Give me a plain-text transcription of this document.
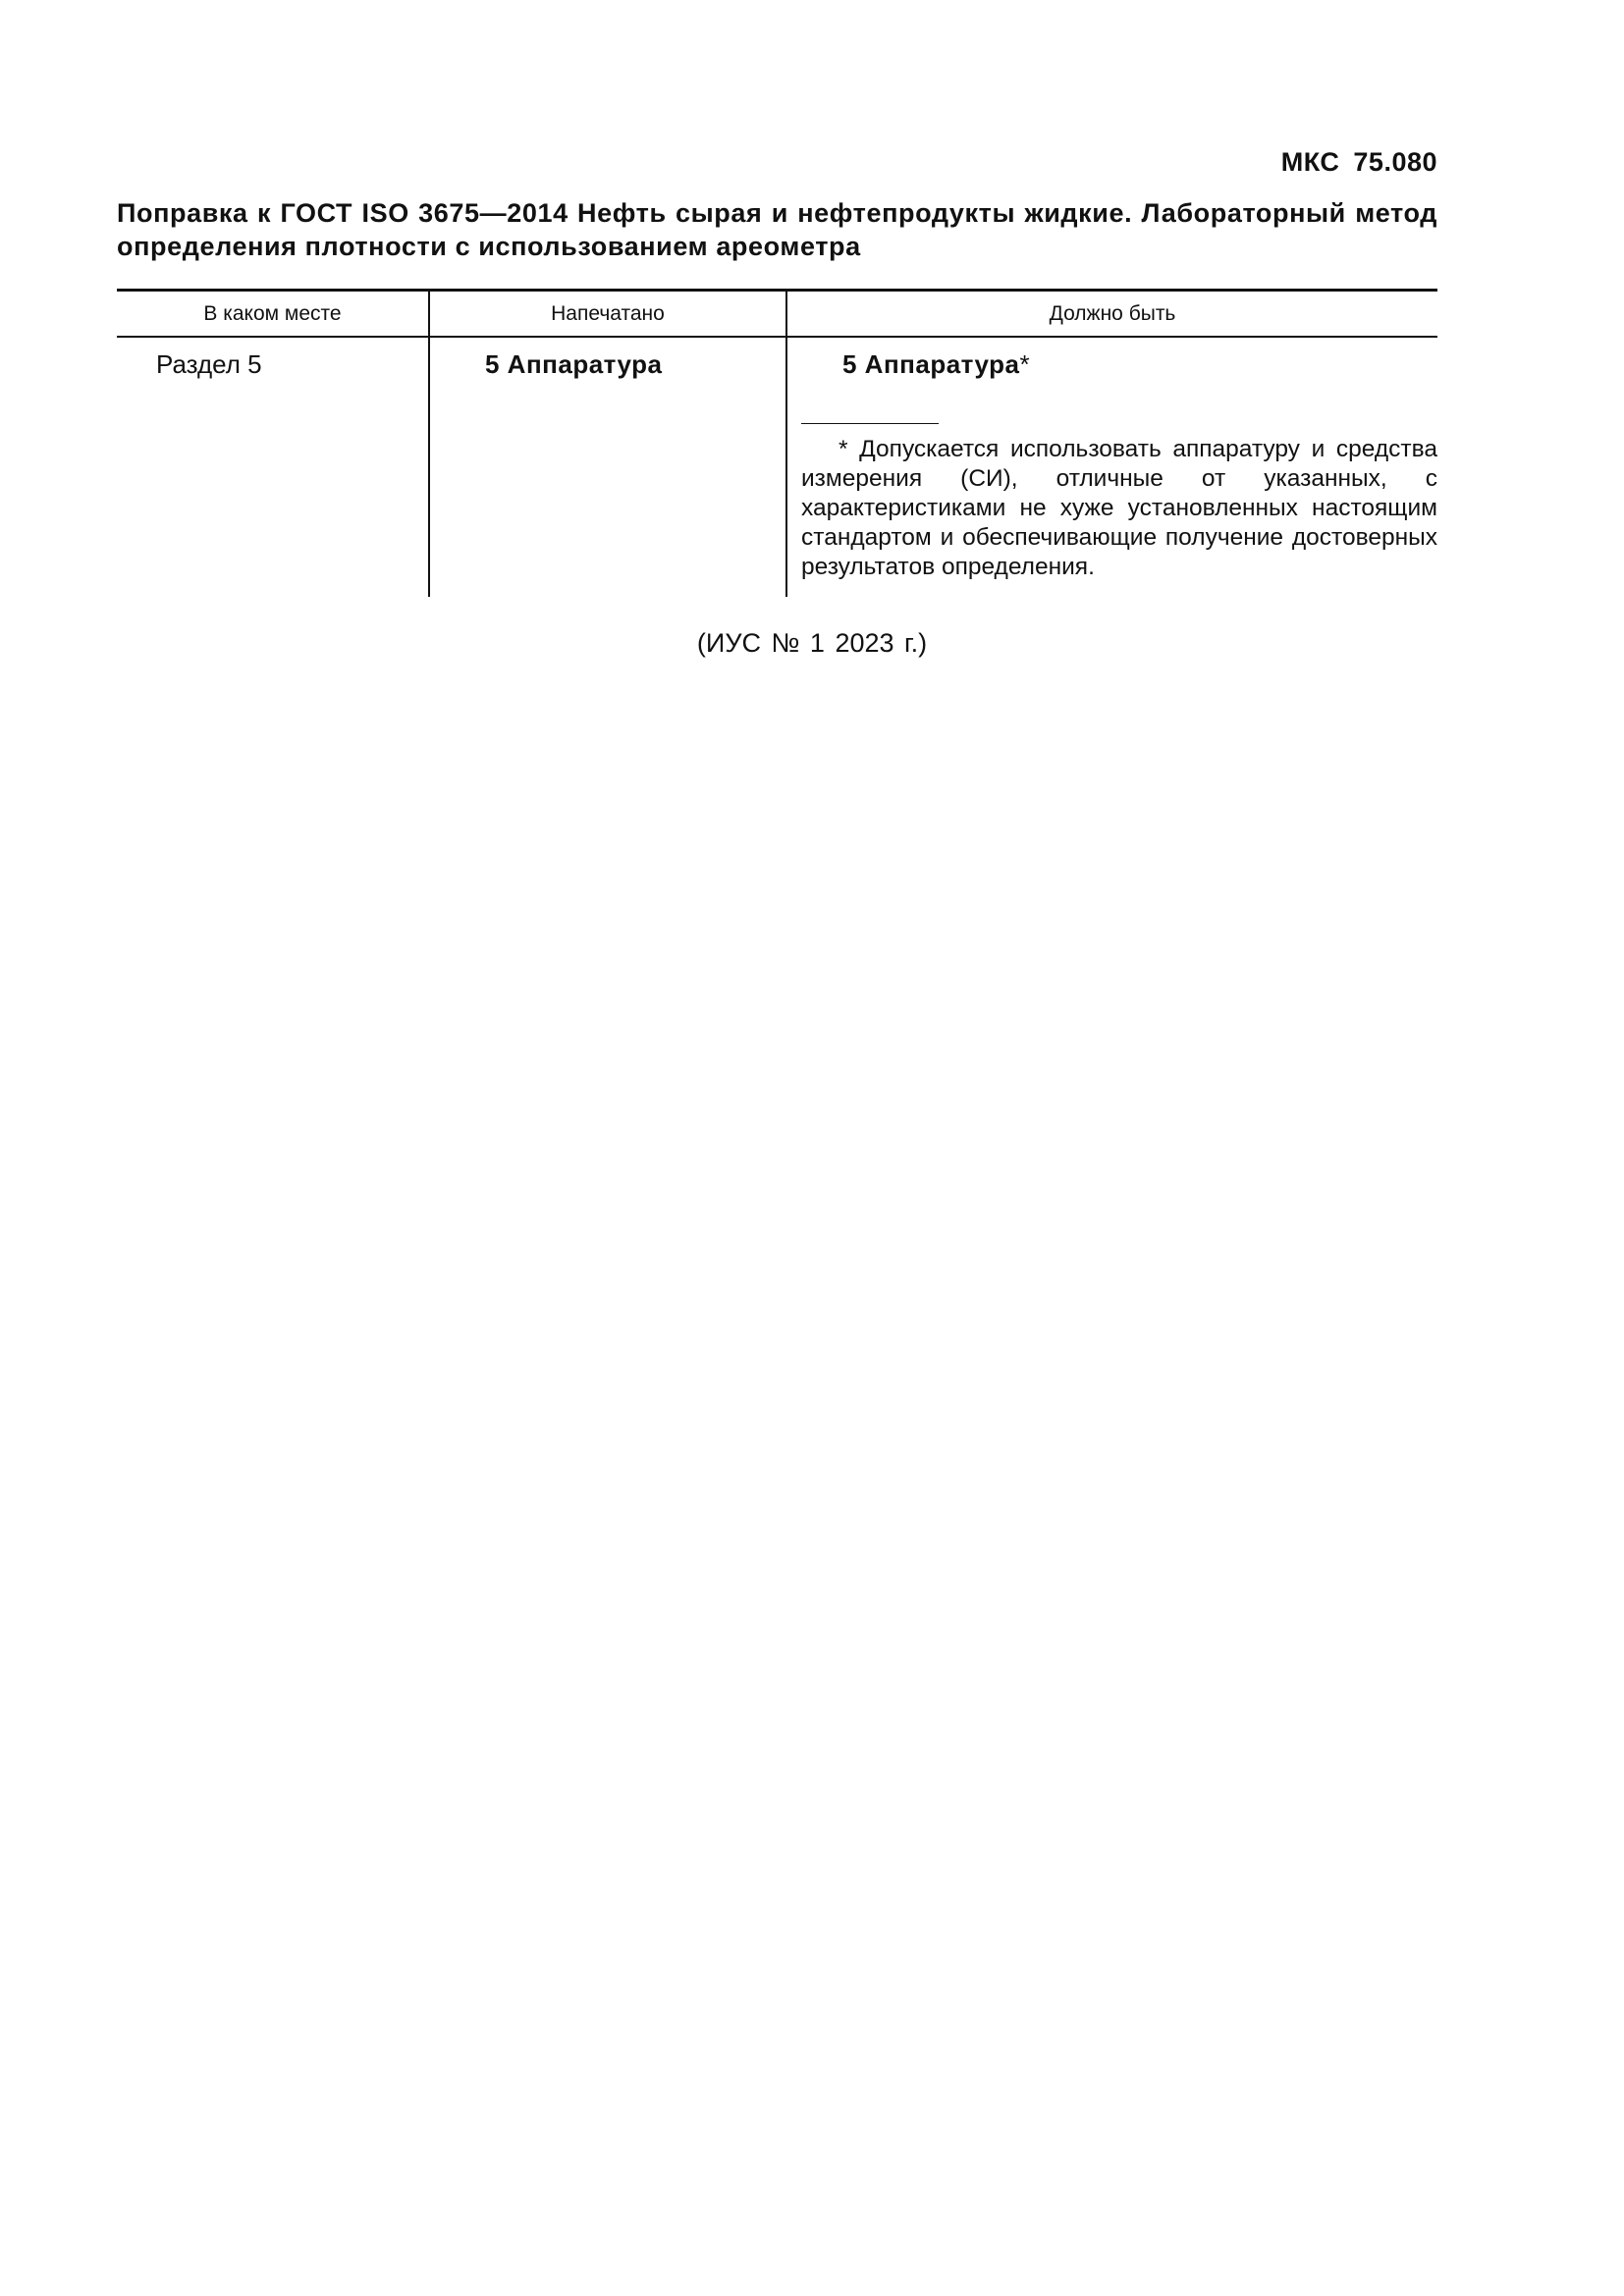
МКС 75.080
Поправка к ГОСТ ISO 3675—2014 Нефть сырая и нефтепродукты жидкие. Лабораторный метод определения плотности с использованием ареометра
В каком месте	Напечатано	Должно быть

Раздел 5	5 Аппаратура	5 Аппаратура*
* Допускается использовать аппаратуру и средства измерения (СИ), отличные от указанных, с характеристиками не хуже установленных настоящим стандартом и обеспечивающие получение достоверных результатов определения.
(ИУС № 1 2023 г.)
